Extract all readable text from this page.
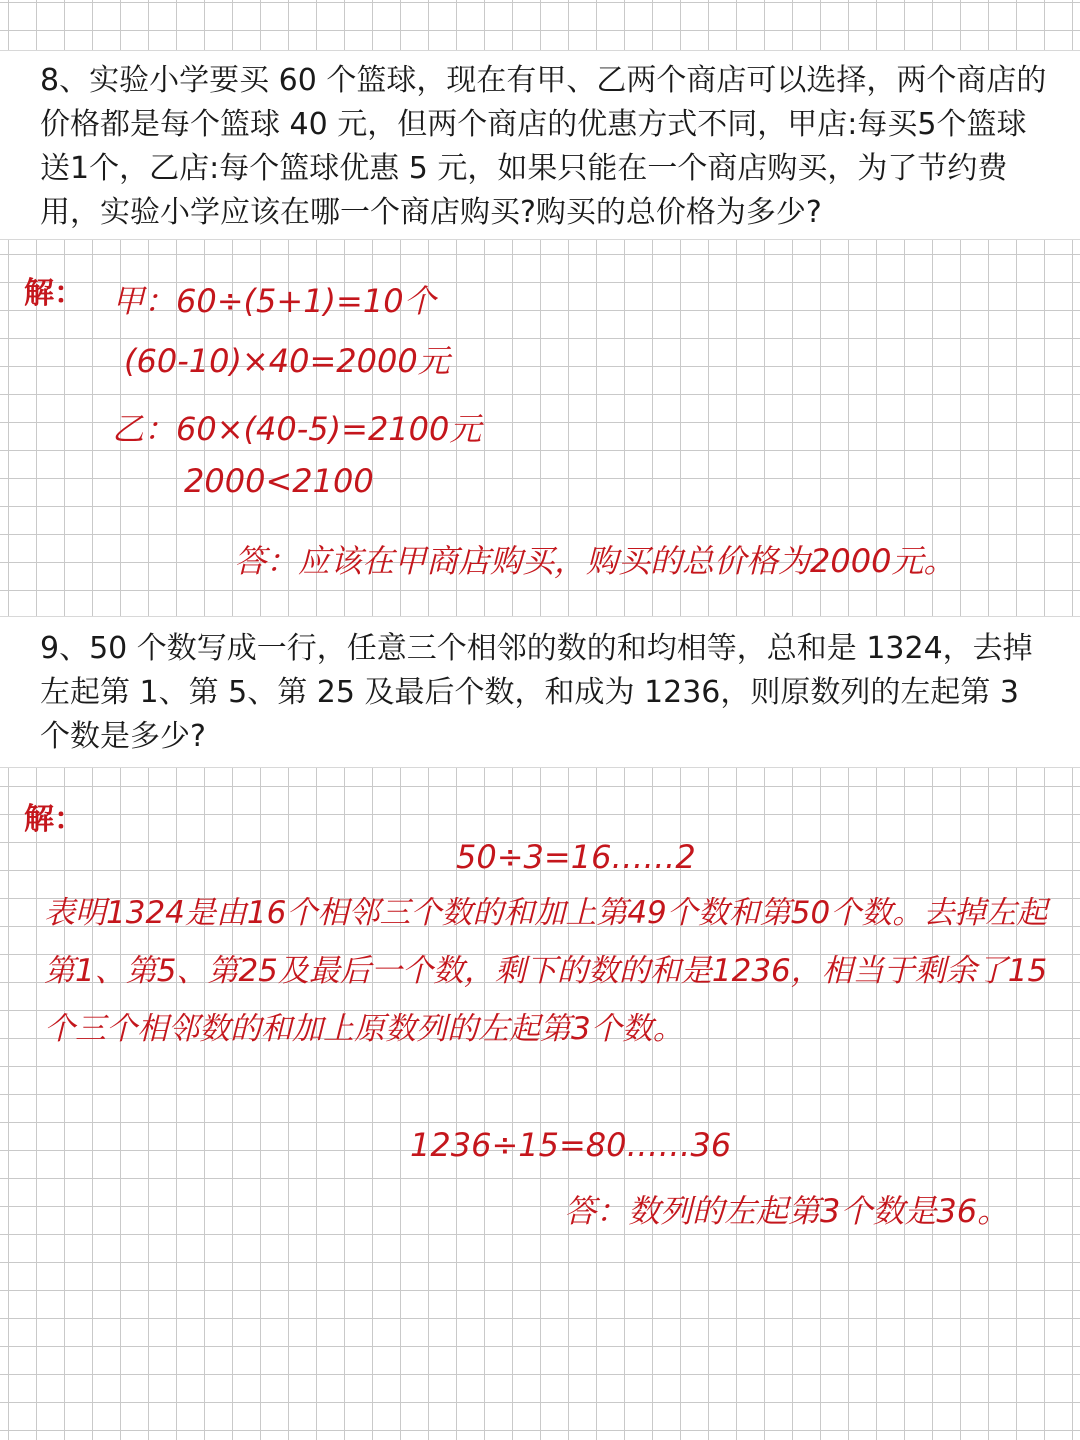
8、实验小学要买 60 个篮球，现在有甲、乙两个商店可以选择，两个商店的价格都是每个篮球 40 元，但两个商店的优惠方式不同，甲店:每买5个篮球送1个，乙店:每个篮球优惠 5 元，如果只能在一个商店购买，为了节约费用，实验小学应该在哪一个商店购买?购买的总价格为多少?

解： 甲：60÷(5+1)=10个
(60-10)×40=2000元
乙：60×(40-5)=2100元
2000<2100
答：应该在甲商店购买，购买的总价格为2000元。

9、50 个数写成一行，任意三个相邻的数的和均相等，总和是 1324，去掉左起第 1、第 5、第 25 及最后个数，和成为 1236，则原数列的左起第 3 个数是多少?

解：
50÷3=16……2

表明1324是由16个相邻三个数的和加上第49个数和第50个数。去掉左起第1、第5、第25及最后一个数，剩下的数的和是1236，相当于剩余了15个三个相邻数的和加上原数列的左起第3个数。

1236÷15=80……36
答：数列的左起第3个数是36。
